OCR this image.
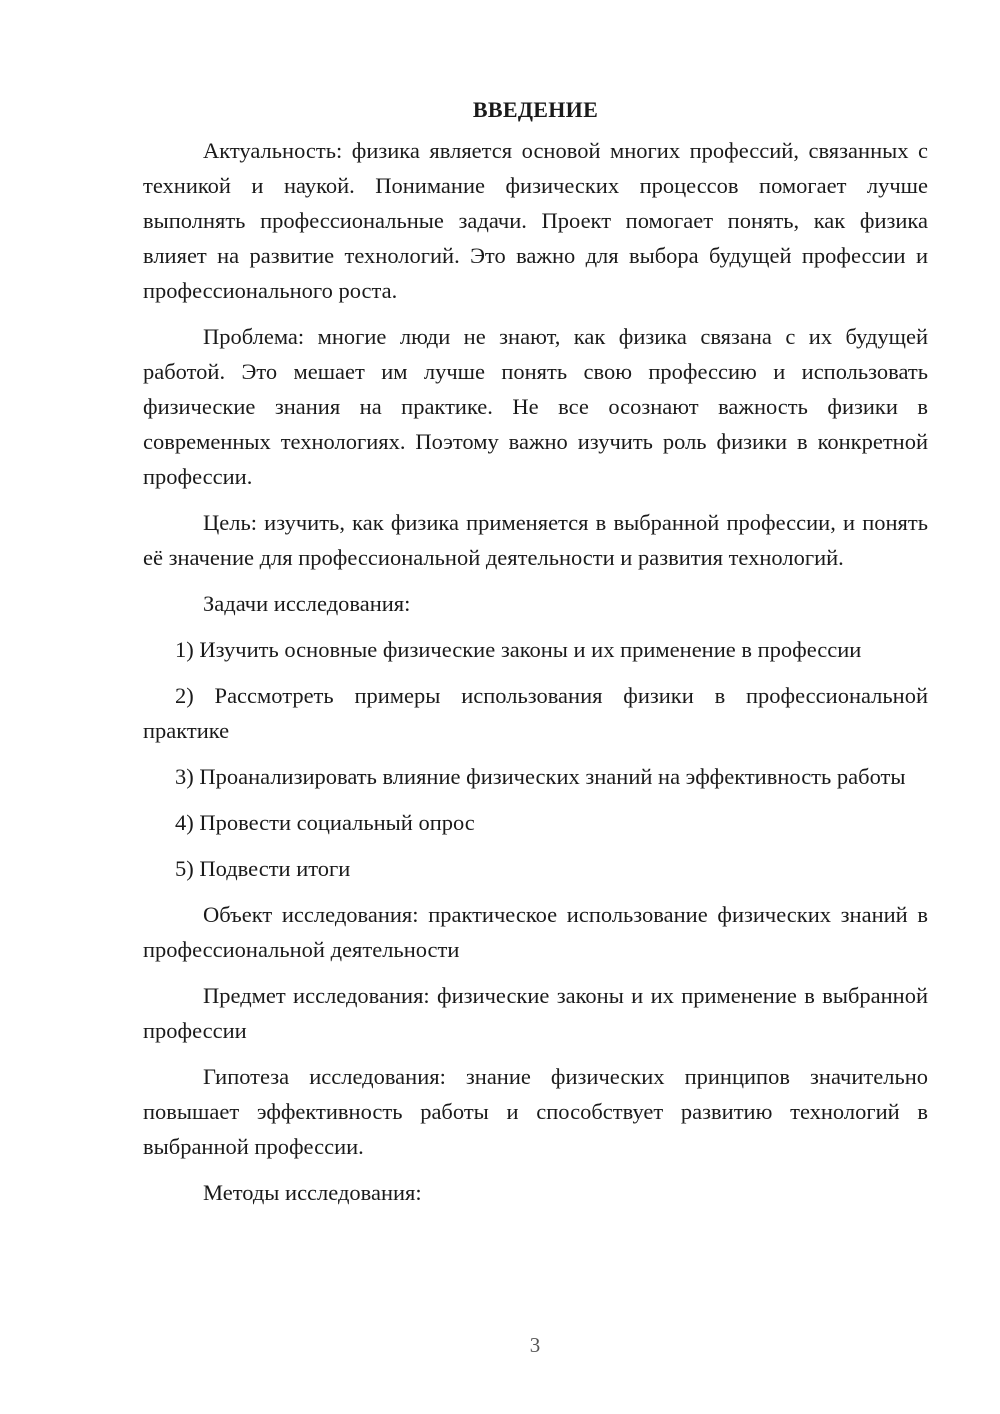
ВВЕДЕНИЕ

Актуальность: физика является основой многих профессий, связанных с техникой и наукой. Понимание физических процессов помогает лучше выполнять профессиональные задачи. Проект помогает понять, как физика влияет на развитие технологий. Это важно для выбора будущей профессии и профессионального роста.

Проблема: многие люди не знают, как физика связана с их будущей работой. Это мешает им лучше понять свою профессию и использовать физические знания на практике. Не все осознают важность физики в современных технологиях. Поэтому важно изучить роль физики в конкретной профессии.

Цель: изучить, как физика применяется в выбранной профессии, и понять её значение для профессиональной деятельности и развития технологий.

Задачи исследования:

1) Изучить основные физические законы и их применение в профессии

2) Рассмотреть примеры использования физики в профессиональной практике

3) Проанализировать влияние физических знаний на эффективность работы

4) Провести социальный опрос

5) Подвести итоги

Объект исследования: практическое использование физических знаний в профессиональной деятельности

Предмет исследования: физические законы и их применение в выбранной профессии

Гипотеза исследования: знание физических принципов значительно повышает эффективность работы и способствует развитию технологий в выбранной профессии.

Методы исследования:

3
